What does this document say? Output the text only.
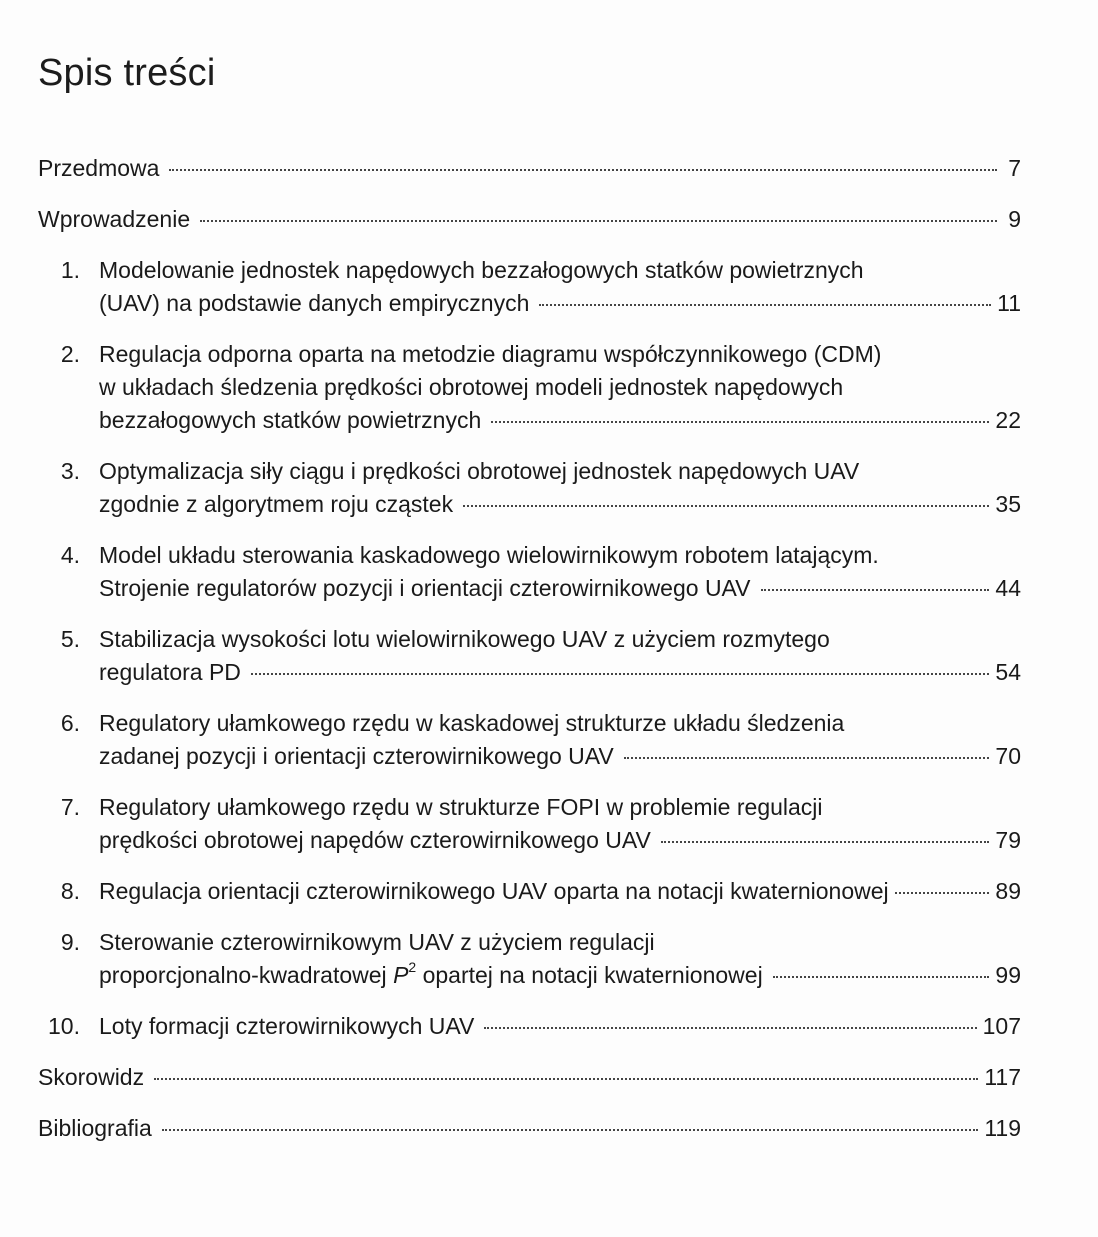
Spis treści
Przedmowa	7
Wprowadzenie	9
1. Modelowanie jednostek napędowych bezzałogowych statków powietrznych
(UAV) na podstawie danych empirycznych	11
2. Regulacja odporna oparta na metodzie diagramu współczynnikowego (CDM)
w układach śledzenia prędkości obrotowej modeli jednostek napędowych
bezzałogowych statków powietrznych	22
3. Optymalizacja siły ciągu i prędkości obrotowej jednostek napędowych UAV
zgodnie z algorytmem roju cząstek	35
4. Model układu sterowania kaskadowego wielowirnikowym robotem latającym.
Strojenie regulatorów pozycji i orientacji czterowirnikowego UAV	44
5. Stabilizacja wysokości lotu wielowirnikowego UAV z użyciem rozmytego
regulatora PD	54
6. Regulatory ułamkowego rzędu w kaskadowej strukturze układu śledzenia
zadanej pozycji i orientacji czterowirnikowego UAV	70
7. Regulatory ułamkowego rzędu w strukturze FOPI w problemie regulacji
prędkości obrotowej napędów czterowirnikowego UAV	79
8. Regulacja orientacji czterowirnikowego UAV oparta na notacji kwaternionowej	89
9. Sterowanie czterowirnikowym UAV z użyciem regulacji
proporcjonalno-kwadratowej $P^2$ opartej na notacji kwaternionowej	99
10. Loty formacji czterowirnikowych UAV	107
Skorowidz	117
Bibliografia	119
